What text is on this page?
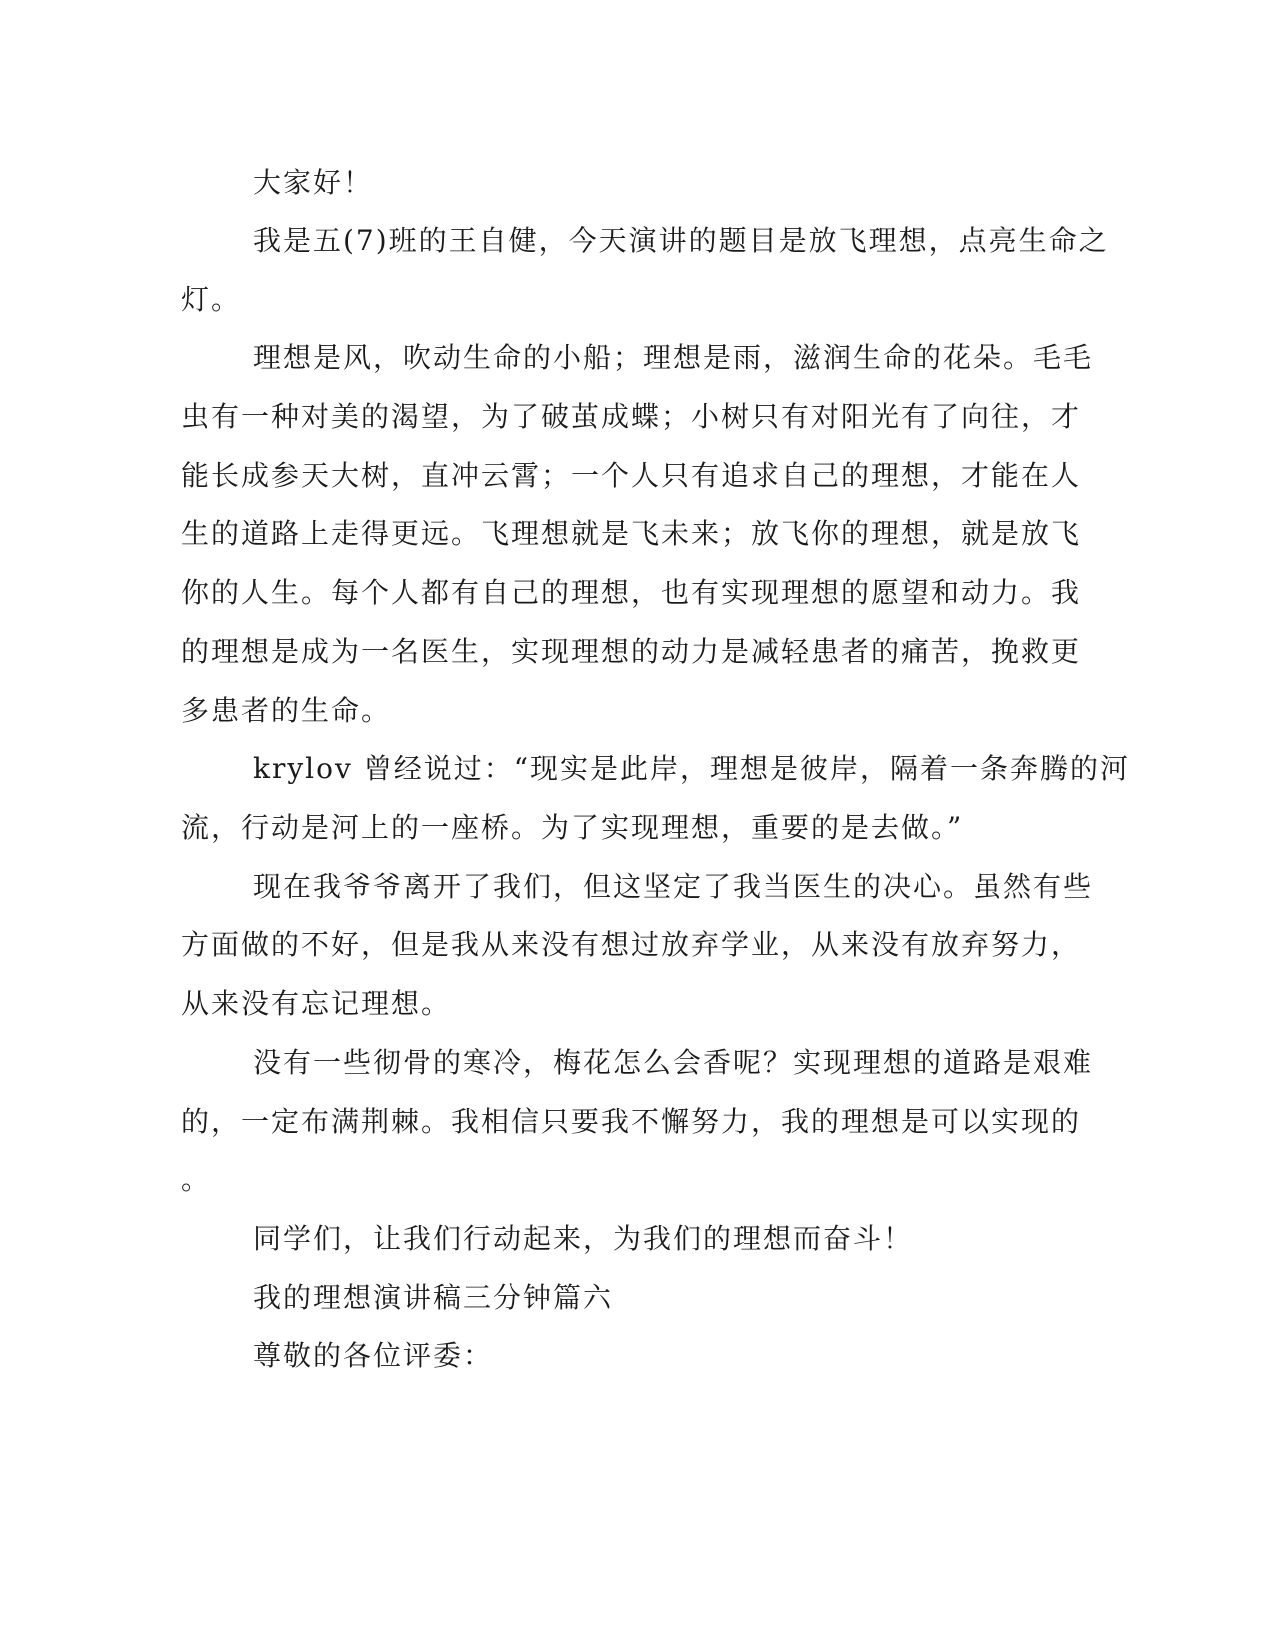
大家好！

我是五(7)班的王自健，今天演讲的题目是放飞理想，点亮生命之

灯。

理想是风，吹动生命的小船；理想是雨，滋润生命的花朵。毛毛

虫有一种对美的渴望，为了破茧成蝶；小树只有对阳光有了向往，才

能长成参天大树，直冲云霄；一个人只有追求自己的理想，才能在人

生的道路上走得更远。飞理想就是飞未来；放飞你的理想，就是放飞

你的人生。每个人都有自己的理想，也有实现理想的愿望和动力。我

的理想是成为一名医生，实现理想的动力是减轻患者的痛苦，挽救更

多患者的生命。

krylov 曾经说过：“现实是此岸，理想是彼岸，隔着一条奔腾的河

流，行动是河上的一座桥。为了实现理想，重要的是去做。”

现在我爷爷离开了我们，但这坚定了我当医生的决心。虽然有些

方面做的不好，但是我从来没有想过放弃学业，从来没有放弃努力，

从来没有忘记理想。

没有一些彻骨的寒冷，梅花怎么会香呢？实现理想的道路是艰难

的，一定布满荆棘。我相信只要我不懈努力，我的理想是可以实现的

。

同学们，让我们行动起来，为我们的理想而奋斗！

我的理想演讲稿三分钟篇六

尊敬的各位评委：
